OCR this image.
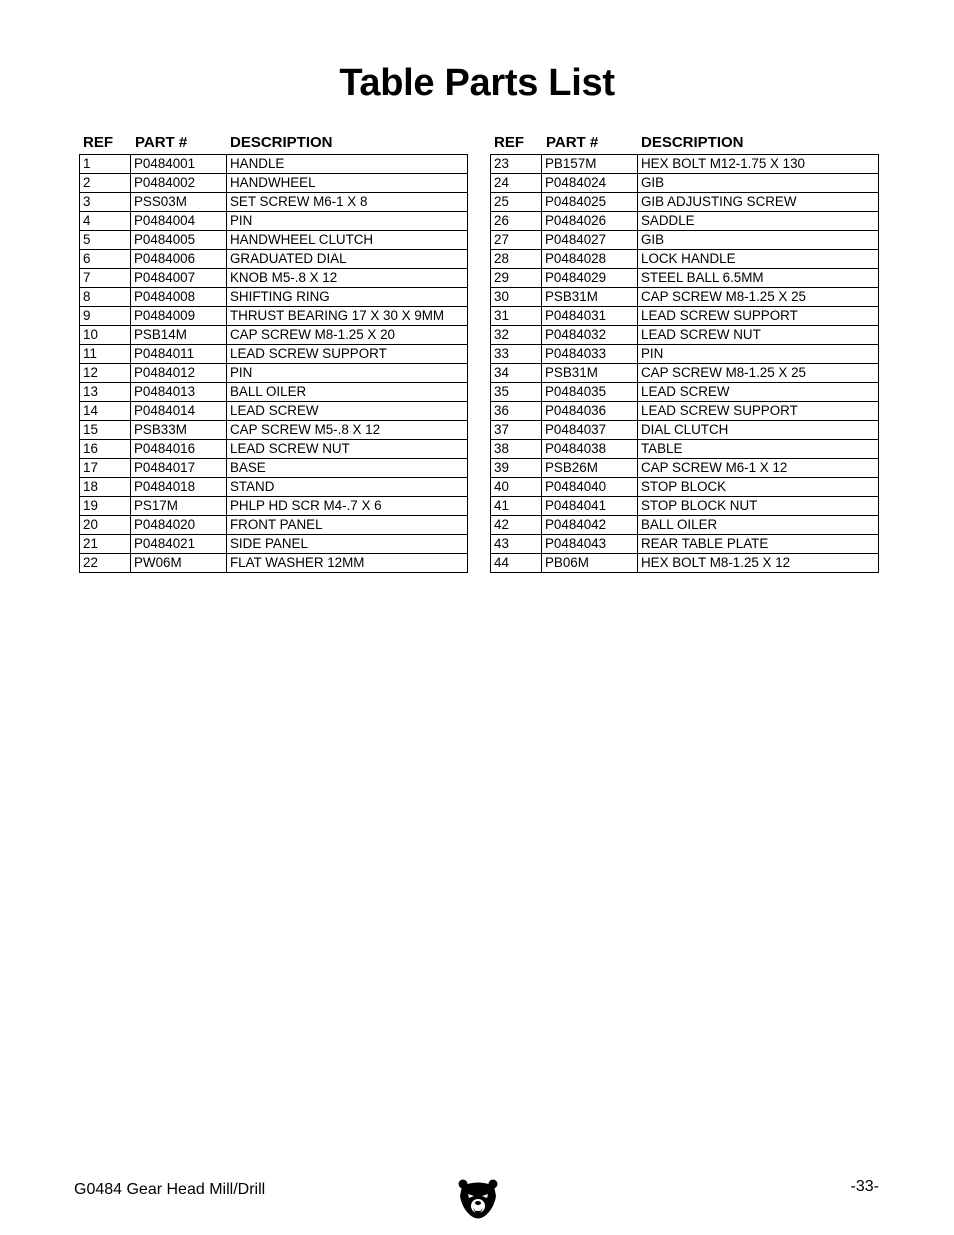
Table Parts List
REF PART #	DESCRIPTION
1	P0484001	HANDLE
2	P0484002	HANDWHEEL
3	PSS03M	SET SCREW M6-1 X 8
4	P0484004	PIN
5	P0484005	HANDWHEEL CLUTCH
6	P0484006	GRADUATED DIAL
7	P0484007	KNOB M5-.8 X 12
8	P0484008	SHIFTING RING
9	P0484009	THRUST BEARING 17 X 30 X 9MM
10	PSB14M	CAP SCREW M8-1.25 X 20
11	P0484011	LEAD SCREW SUPPORT
12	P0484012	PIN
13	P0484013	BALL OILER
14	P0484014	LEAD SCREW
15	PSB33M	CAP SCREW M5-.8 X 12
16	P0484016	LEAD SCREW NUT
17	P0484017	BASE
18	P0484018	STAND
19	PS17M	PHLP HD SCR M4-.7 X 6
20	P0484020	FRONT PANEL
21	P0484021	SIDE PANEL
22	PW06M	FLAT WASHER 12MM
REF PART #	DESCRIPTION
23	PB157M	HEX BOLT M12-1.75 X 130
24	P0484024	GIB
25	P0484025	GIB ADJUSTING SCREW
26	P0484026	SADDLE
27	P0484027	GIB
28	P0484028	LOCK HANDLE
29	P0484029	STEEL BALL 6.5MM
30	PSB31M	CAP SCREW M8-1.25 X 25
31	P0484031	LEAD SCREW SUPPORT
32	P0484032	LEAD SCREW NUT
33	P0484033	PIN
34	PSB31M	CAP SCREW M8-1.25 X 25
35	P0484035	LEAD SCREW
36	P0484036	LEAD SCREW SUPPORT
37	P0484037	DIAL CLUTCH
38	P0484038	TABLE
39	PSB26M	CAP SCREW M6-1 X 12
40	P0484040	STOP BLOCK
41	P0484041	STOP BLOCK NUT
42	P0484042	BALL OILER
43	P0484043	REAR TABLE PLATE
44	PB06M	HEX BOLT M8-1.25 X 12
G0484 Gear Head Mill/Drill	-33-
